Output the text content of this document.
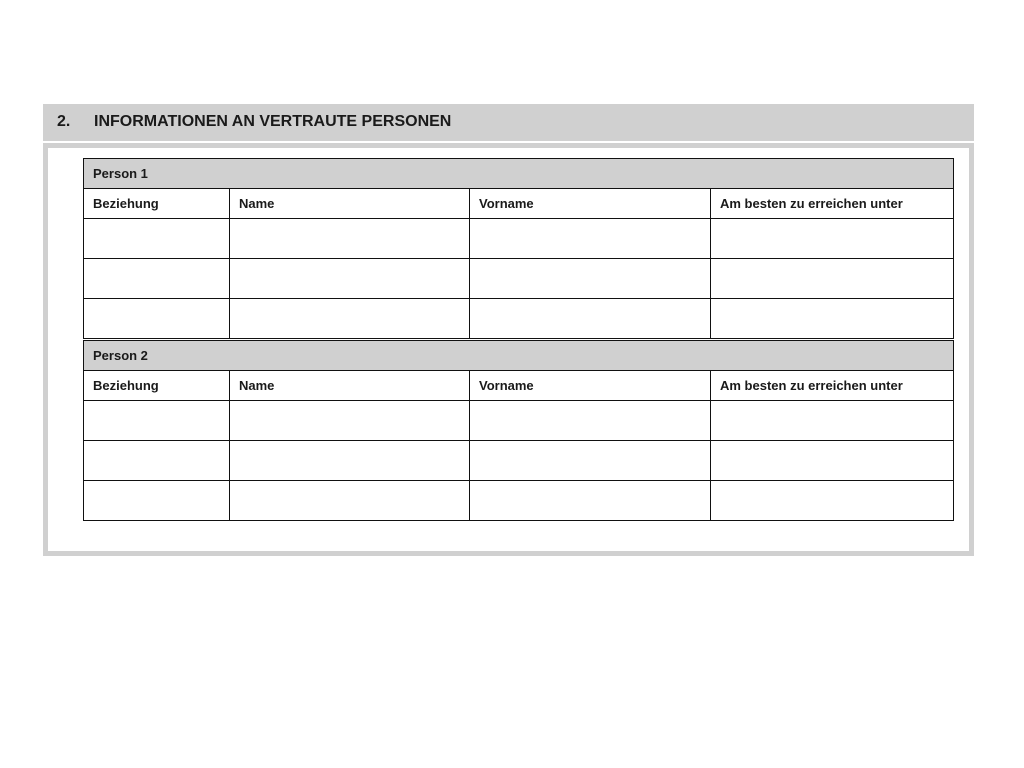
2. INFORMATIONEN AN VERTRAUTE PERSONEN
Person 1			
Beziehung	Name	Vorname	Am besten zu erreichen unter

Person 2			
Beziehung	Name	Vorname	Am besten zu erreichen unter
